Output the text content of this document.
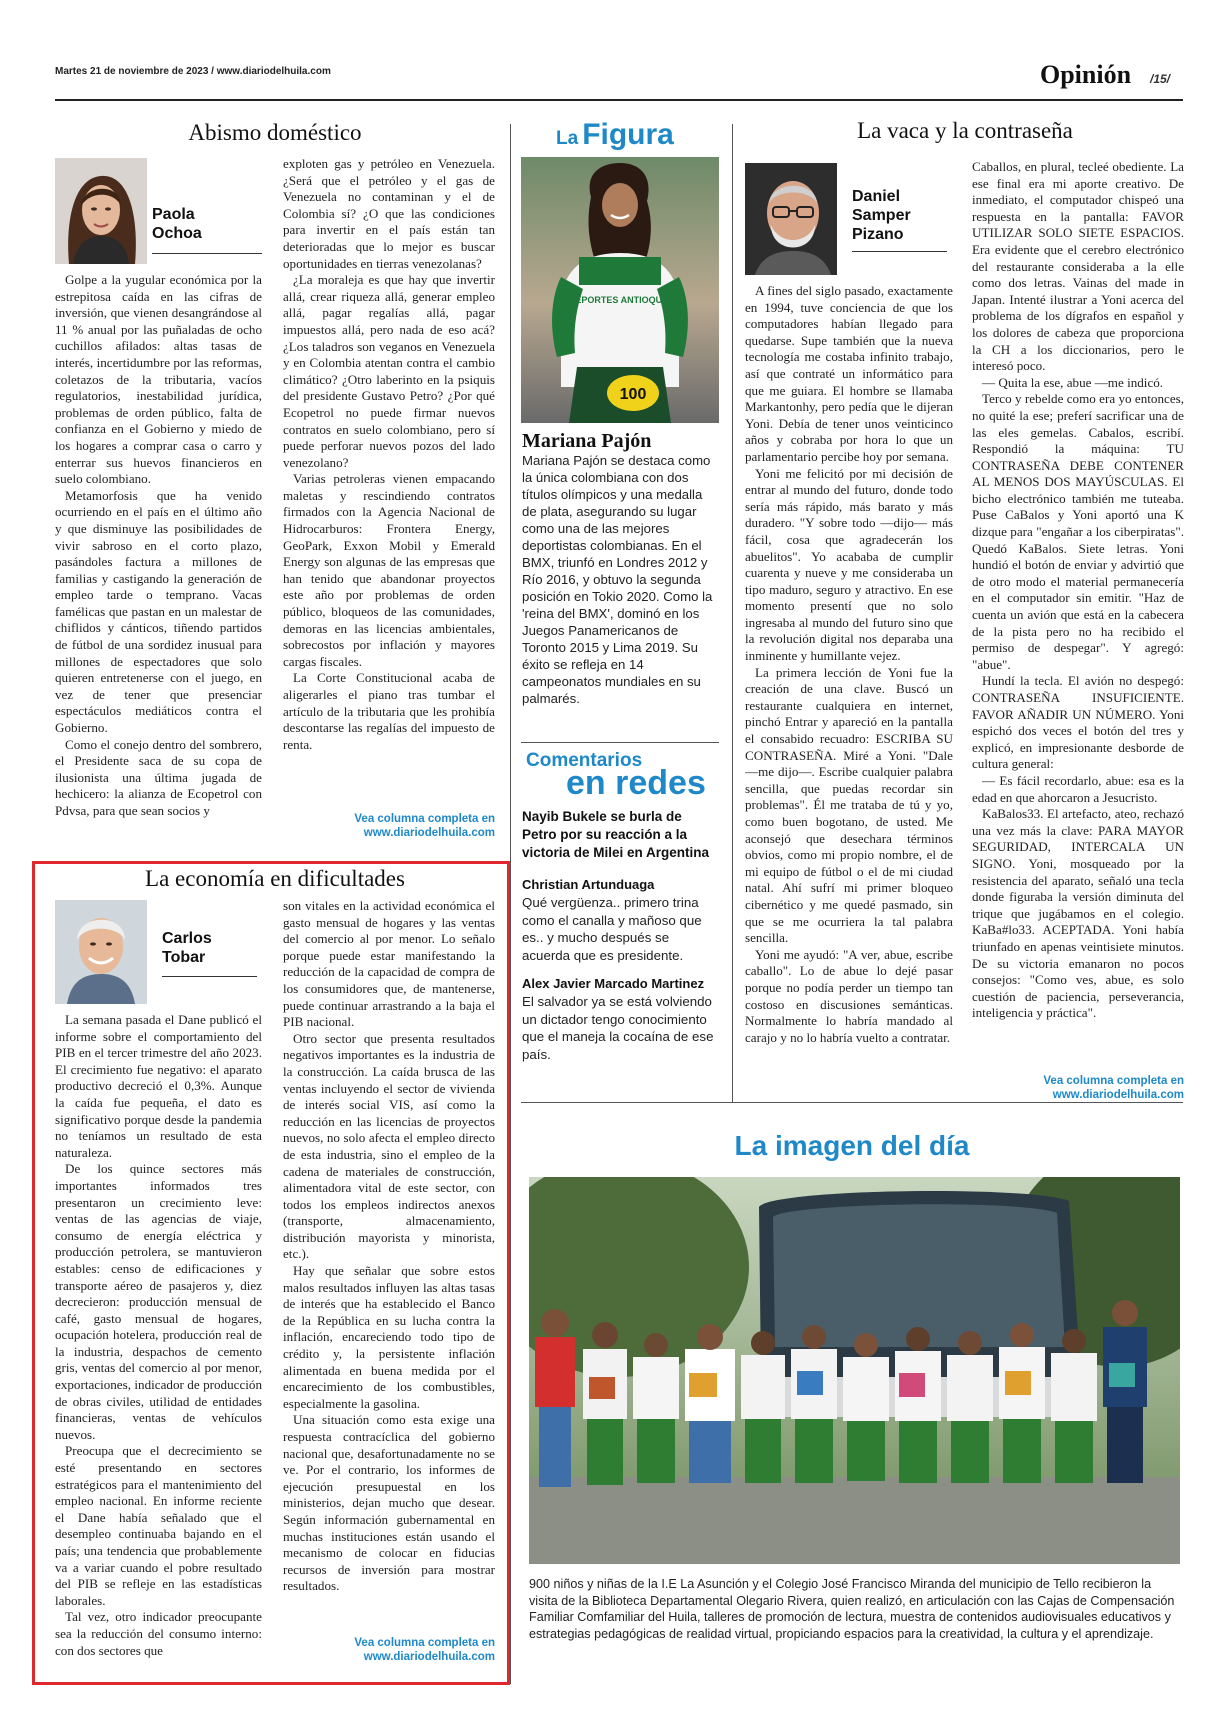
Martes 21 de noviembre de 2023 / www.diariodelhuila.com	Opinión /15/
Abismo doméstico
Paola
Ochoa

Golpe a la yugular económica por la estrepitosa caída en las cifras de inversión, que vienen desangrándose al 11 % anual por las puñaladas de ocho cuchillos afilados: altas tasas de interés, incertidumbre por las reformas, coletazos de la tributaria, vacíos regulatorios, inestabilidad jurídica, problemas de orden público, falta de confianza en el Gobierno y miedo de los hogares a comprar casa o carro y enterrar sus huevos financieros en suelo colombiano.

Metamorfosis que ha venido ocurriendo en el país en el último año y que disminuye las posibilidades de vivir sabroso en el corto plazo, pasándoles factura a millones de familias y castigando la generación de empleo tarde o temprano. Vacas famélicas que pastan en un malestar de chiflidos y cánticos, tiñendo partidos de fútbol de una sordidez inusual para millones de espectadores que solo quieren entretenerse con el juego, en vez de tener que presenciar espectáculos mediáticos contra el Gobierno.

Como el conejo dentro del sombrero, el Presidente saca de su copa de ilusionista una última jugada de hechicero: la alianza de Ecopetrol con Pdvsa, para que sean socios y

exploten gas y petróleo en Venezuela. ¿Será que el petróleo y el gas de Venezuela no contaminan y el de Colombia sí? ¿O que las condiciones para invertir en el país están tan deterioradas que lo mejor es buscar oportunidades en tierras venezolanas?

¿La moraleja es que hay que invertir allá, crear riqueza allá, generar empleo allá, pagar regalías allá, pagar impuestos allá, pero nada de eso acá? ¿Los taladros son veganos en Venezuela y en Colombia atentan contra el cambio climático? ¿Otro laberinto en la psiquis del presidente Gustavo Petro? ¿Por qué Ecopetrol no puede firmar nuevos contratos en suelo colombiano, pero sí puede perforar nuevos pozos del lado venezolano?

Varias petroleras vienen empacando maletas y rescindiendo contratos firmados con la Agencia Nacional de Hidrocarburos: Frontera Energy, GeoPark, Exxon Mobil y Emerald Energy son algunas de las empresas que han tenido que abandonar proyectos este año por problemas de orden público, bloqueos de las comunidades, demoras en las licencias ambientales, sobrecostos por inflación y mayores cargas fiscales.

La Corte Constitucional acaba de aligerarles el piano tras tumbar el artículo de la tributaria que les prohibía descontarse las regalías del impuesto de renta.

Vea columna completa en
www.diariodelhuila.com
La economía en dificultades
Carlos
Tobar

La semana pasada el Dane publicó el informe sobre el comportamiento del PIB en el tercer trimestre del año 2023. El crecimiento fue negativo: el aparato productivo decreció el 0,3%. Aunque la caída fue pequeña, el dato es significativo porque desde la pandemia no teníamos un resultado de esta naturaleza.

De los quince sectores más importantes informados tres presentaron un crecimiento leve: ventas de las agencias de viaje, consumo de energía eléctrica y producción petrolera, se mantuvieron estables: censo de edificaciones y transporte aéreo de pasajeros y, diez decrecieron: producción mensual de café, gasto mensual de hogares, ocupación hotelera, producción real de la industria, despachos de cemento gris, ventas del comercio al por menor, exportaciones, indicador de producción de obras civiles, utilidad de entidades financieras, ventas de vehículos nuevos.

Preocupa que el decrecimiento se esté presentando en sectores estratégicos para el mantenimiento del empleo nacional. En informe reciente el Dane había señalado que el desempleo continuaba bajando en el país; una tendencia que probablemente va a variar cuando el pobre resultado del PIB se refleje en las estadísticas laborales.

Tal vez, otro indicador preocupante sea la reducción del consumo interno: con dos sectores que

son vitales en la actividad económica el gasto mensual de hogares y las ventas del comercio al por menor. Lo señalo porque puede estar manifestando la reducción de la capacidad de compra de los consumidores que, de mantenerse, puede continuar arrastrando a la baja el PIB nacional.

Otro sector que presenta resultados negativos importantes es la industria de la construcción. La caída brusca de las ventas incluyendo el sector de vivienda de interés social VIS, así como la reducción en las licencias de proyectos nuevos, no solo afecta el empleo directo de esta industria, sino el empleo de la cadena de materiales de construcción, alimentadora vital de este sector, con todos los empleos indirectos anexos (transporte, almacenamiento, distribución mayorista y minorista, etc.).

Hay que señalar que sobre estos malos resultados influyen las altas tasas de interés que ha establecido el Banco de la República en su lucha contra la inflación, encareciendo todo tipo de crédito y, la persistente inflación alimentada en buena medida por el encarecimiento de los combustibles, especialmente la gasolina.

Una situación como esta exige una respuesta contracíclica del gobierno nacional que, desafortunadamente no se ve. Por el contrario, los informes de ejecución presupuestal en los ministerios, dejan mucho que desear. Según información gubernamental en muchas instituciones están usando el mecanismo de colocar en fiducias recursos de inversión para mostrar resultados.

Vea columna completa en
www.diariodelhuila.com
La Figura
DEPORTES ANTIOQUIA
100
Mariana Pajón
Mariana Pajón se destaca como la única colombiana con dos títulos olímpicos y una medalla de plata, asegurando su lugar como una de las mejores deportistas colombianas. En el BMX, triunfó en Londres 2012 y Río 2016, y obtuvo la segunda posición en Tokio 2020. Como la 'reina del BMX', dominó en los Juegos Panamericanos de Toronto 2015 y Lima 2019. Su éxito se refleja en 14 campeonatos mundiales en su palmarés.
Comentarios
en redes
Nayib Bukele se burla de Petro por su reacción a la victoria de Milei en Argentina
Christian Artunduaga
Qué vergüenza.. primero trina como el canalla y mañoso que es.. y mucho después se acuerda que es presidente.
Alex Javier Marcado Martinez
El salvador ya se está volviendo un dictador tengo conocimiento que el maneja la cocaína de ese país.
La vaca y la contraseña
Daniel
Samper
Pizano

A fines del siglo pasado, exactamente en 1994, tuve conciencia de que los computadores habían llegado para quedarse. Supe también que la nueva tecnología me costaba infinito trabajo, así que contraté un informático para que me guiara. El hombre se llamaba Markantonhy, pero pedía que le dijeran Yoni. Debía de tener unos veinticinco años y cobraba por hora lo que un parlamentario percibe hoy por semana.

Yoni me felicitó por mi decisión de entrar al mundo del futuro, donde todo sería más rápido, más barato y más duradero. "Y sobre todo —dijo— más fácil, cosa que agradecerán los abuelitos". Yo acababa de cumplir cuarenta y nueve y me consideraba un tipo maduro, seguro y atractivo. En ese momento presentí que no solo ingresaba al mundo del futuro sino que la revolución digital nos deparaba una inminente y humillante vejez.

La primera lección de Yoni fue la creación de una clave. Buscó un restaurante cualquiera en internet, pinchó Entrar y apareció en la pantalla el consabido recuadro: ESCRIBA SU CONTRASEÑA. Miré a Yoni. "Dale —me dijo—. Escribe cualquier palabra sencilla, que puedas recordar sin problemas". Él me trataba de tú y yo, como buen bogotano, de usted. Me aconsejó que desechara términos obvios, como mi propio nombre, el de mi equipo de fútbol o el de mi ciudad natal. Ahí sufrí mi primer bloqueo cibernético y me quedé pasmado, sin que se me ocurriera la tal palabra sencilla.

Yoni me ayudó: "A ver, abue, escribe caballo". Lo de abue lo dejé pasar porque no podía perder un tiempo tan costoso en discusiones semánticas. Normalmente lo habría mandado al carajo y no lo habría vuelto a contratar.

Caballos, en plural, tecleé obediente. La ese final era mi aporte creativo. De inmediato, el computador chispeó una respuesta en la pantalla: FAVOR UTILIZAR SOLO SIETE ESPACIOS. Era evidente que el cerebro electrónico del restaurante consideraba a la elle como dos letras. Vainas del made in Japan. Intenté ilustrar a Yoni acerca del problema de los dígrafos en español y los dolores de cabeza que proporciona la CH a los diccionarios, pero le interesó poco.

— Quita la ese, abue —me indicó.

Terco y rebelde como era yo entonces, no quité la ese; preferí sacrificar una de las eles gemelas. Cabalos, escribí. Respondió la máquina: TU CONTRASEÑA DEBE CONTENER AL MENOS DOS MAYÚSCULAS. El bicho electrónico también me tuteaba. Puse CaBalos y Yoni aportó una K dizque para "engañar a los ciberpiratas". Quedó KaBalos. Siete letras. Yoni hundió el botón de enviar y advirtió que de otro modo el material permanecería en el computador sin emitir. "Haz de cuenta un avión que está en la cabecera de la pista pero no ha recibido el permiso de despegar". Y agregó: "abue".

Hundí la tecla. El avión no despegó: CONTRASEÑA INSUFICIENTE. FAVOR AÑADIR UN NÚMERO. Yoni espichó dos veces el botón del tres y explicó, en impresionante desborde de cultura general:

— Es fácil recordarlo, abue: esa es la edad en que ahorcaron a Jesucristo.

KaBalos33. El artefacto, ateo, rechazó una vez más la clave: PARA MAYOR SEGURIDAD, INTERCALA UN SIGNO. Yoni, mosqueado por la resistencia del aparato, señaló una tecla donde figuraba la versión diminuta del trique que jugábamos en el colegio. KaBa#lo33. ACEPTADA. Yoni había triunfado en apenas veintisiete minutos. De su victoria emanaron no pocos consejos: "Como ves, abue, es solo cuestión de paciencia, perseverancia, inteligencia y práctica".

Vea columna completa en
www.diariodelhuila.com
La imagen del día
900 niños y niñas de la I.E La Asunción y el Colegio José Francisco Miranda del municipio de Tello recibieron la visita de la Biblioteca Departamental Olegario Rivera, quien realizó, en articulación con las Cajas de Compensación Familiar Comfamiliar del Huila, talleres de promoción de lectura, muestra de contenidos audiovisuales educativos y estrategias pedagógicas de realidad virtual, propiciando espacios para la creatividad, la cultura y el aprendizaje.
